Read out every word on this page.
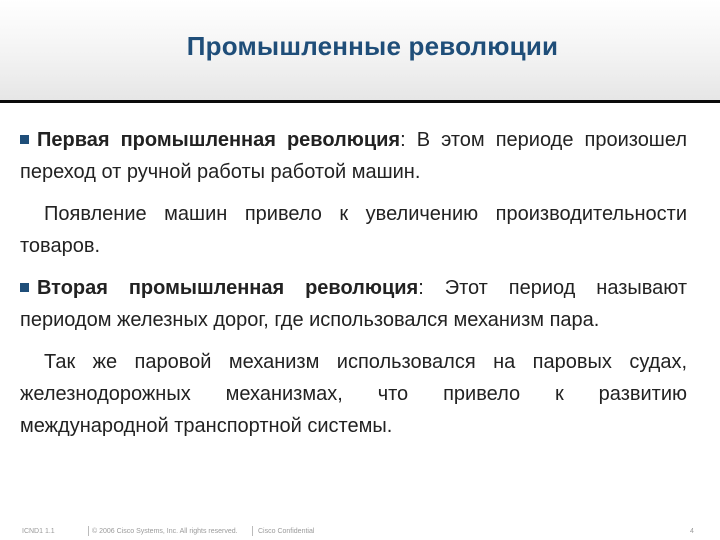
Промышленные революции

Первая промышленная революция: В этом периоде произошел переход от ручной работы работой машин.

Появление машин привело к увеличению производительности товаров.

Вторая промышленная революция: Этот период называют периодом железных дорог, где использовался механизм пара.

Так же паровой механизм использовался на паровых судах, железнодорожных механизмах, что привело к развитию международной транспортной системы.

ICND1 1.1	© 2006 Cisco Systems, Inc. All rights reserved.	Cisco Confidential	4
